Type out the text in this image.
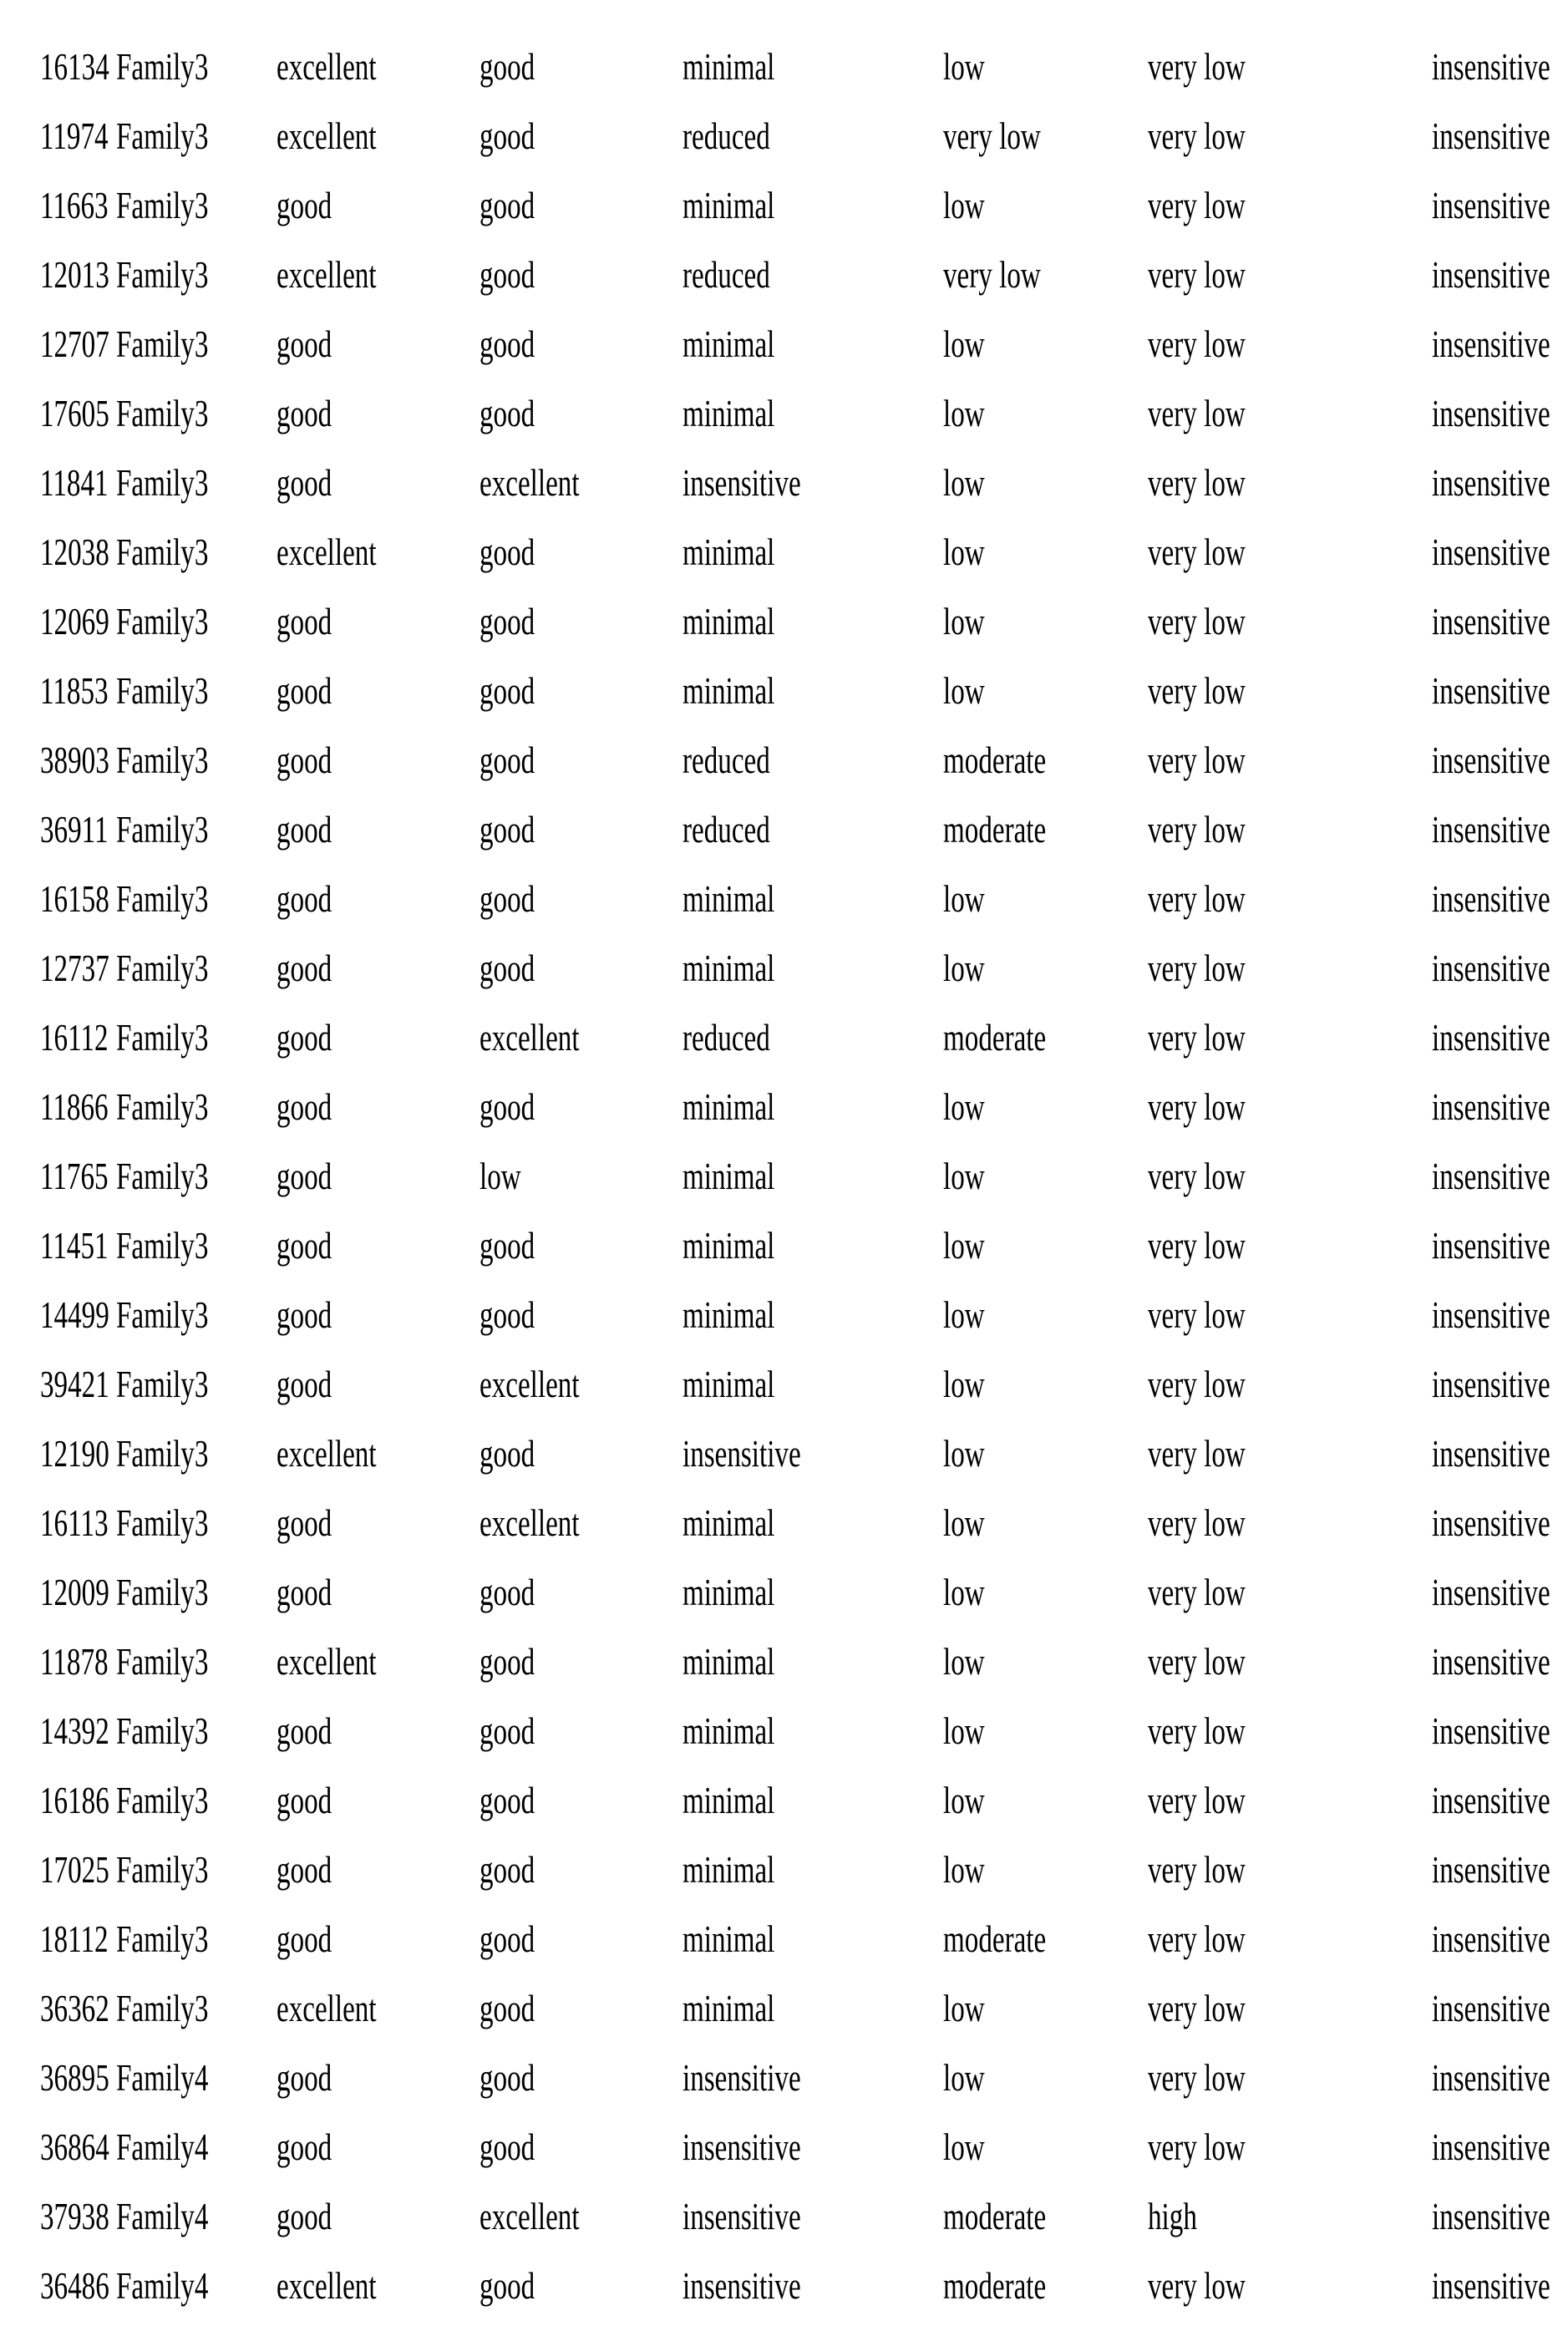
16134 Family3 excellent	good	minimal	low	very low	insensitive
11974 Family3 excellent	good	reduced	very low	very low	insensitive
11663 Family3 good	good	minimal	low	very low	insensitive
12013 Family3 excellent	good	reduced	very low	very low	insensitive
12707 Family3 good	good	minimal	low	very low	insensitive
17605 Family3 good	good	minimal	low	very low	insensitive
11841 Family3 good	excellent	insensitive	low	very low	insensitive
12038 Family3 excellent	good	minimal	low	very low	insensitive
12069 Family3 good	good	minimal	low	very low	insensitive
11853 Family3 good	good	minimal	low	very low	insensitive
38903 Family3 good	good	reduced	moderate	very low	insensitive
36911 Family3 good	good	reduced	moderate	very low	insensitive
16158 Family3 good	good	minimal	low	very low	insensitive
12737 Family3 good	good	minimal	low	very low	insensitive
16112 Family3 good	excellent	reduced	moderate	very low	insensitive
11866 Family3 good	good	minimal	low	very low	insensitive
11765 Family3 good	low	minimal	low	very low	insensitive
11451 Family3 good	good	minimal	low	very low	insensitive
14499 Family3 good	good	minimal	low	very low	insensitive
39421 Family3 good	excellent	minimal	low	very low	insensitive
12190 Family3 excellent	good	insensitive	low	very low	insensitive
16113 Family3 good	excellent	minimal	low	very low	insensitive
12009 Family3 good	good	minimal	low	very low	insensitive
11878 Family3 excellent	good	minimal	low	very low	insensitive
14392 Family3 good	good	minimal	low	very low	insensitive
16186 Family3 good	good	minimal	low	very low	insensitive
17025 Family3 good	good	minimal	low	very low	insensitive
18112 Family3 good	good	minimal	moderate	very low	insensitive
36362 Family3 excellent	good	minimal	low	very low	insensitive
36895 Family4 good	good	insensitive	low	very low	insensitive
36864 Family4 good	good	insensitive	low	very low	insensitive
37938 Family4 good	excellent	insensitive	moderate	high	insensitive
36486 Family4 excellent	good	insensitive	moderate	very low	insensitive
